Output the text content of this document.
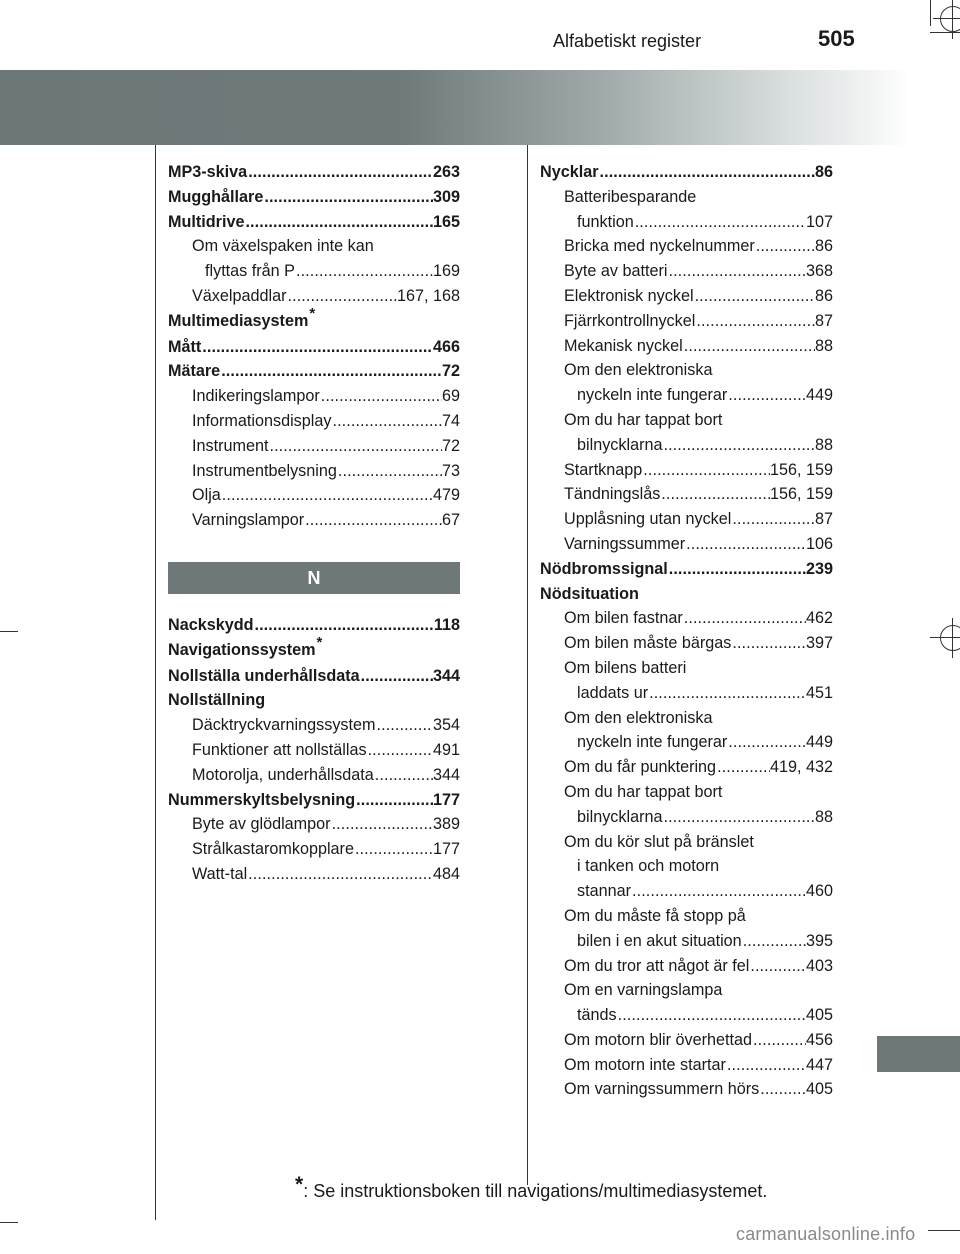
Alfabetiskt register	505
MP3-skiva . . .	263
Mugghållare . . .	309
Multidrive . . .	165
Om växelspaken inte kan
flyttas från P . . .	169
Växelpaddlar . . .	167, 168
Multimediasystem*
Mått . . .	466
Mätare . . .	72
Indikeringslampor . . .	69
Informationsdisplay . . .	74
Instrument . . .	72
Instrumentbelysning . . .	73
Olja . . .	479
Varningslampor . . .	67
N
Nackskydd . . .	118
Navigationssystem*
Nollställa underhållsdata . . .	344
Nollställning
Däcktryckvarningssystem . . .	354
Funktioner att nollställas . . .	491
Motorolja, underhållsdata . . .	344
Nummerskyltsbelysning . . .	177
Byte av glödlampor . . .	389
Strålkastaromkopplare . . .	177
Watt-tal . . .	484
Nycklar . . .	86
Batteribesparande
funktion . . .	107
Bricka med nyckelnummer . . .	86
Byte av batteri . . .	368
Elektronisk nyckel . . .	86
Fjärrkontrollnyckel . . .	87
Mekanisk nyckel . . .	88
Om den elektroniska
nyckeln inte fungerar . . .	449
Om du har tappat bort
bilnycklarna . . .	88
Startknapp . . .	156, 159
Tändningslås . . .	156, 159
Upplåsning utan nyckel . . .	87
Varningssummer . . .	106
Nödbromssignal . . .	239
Nödsituation
Om bilen fastnar . . .	462
Om bilen måste bärgas . . .	397
Om bilens batteri
laddats ur . . .	451
Om den elektroniska
nyckeln inte fungerar . . .	449
Om du får punktering . . .	419, 432
Om du har tappat bort
bilnycklarna . . .	88
Om du kör slut på bränslet
i tanken och motorn
stannar . . .	460
Om du måste få stopp på
bilen i en akut situation . . .	395
Om du tror att något är fel . . .	403
Om en varningslampa
tänds . . .	405
Om motorn blir överhettad . . .	456
Om motorn inte startar . . .	447
Om varningssummern hörs . . .	405
*: Se instruktionsboken till navigations/multimediasystemet.
carmanualsonline.info
